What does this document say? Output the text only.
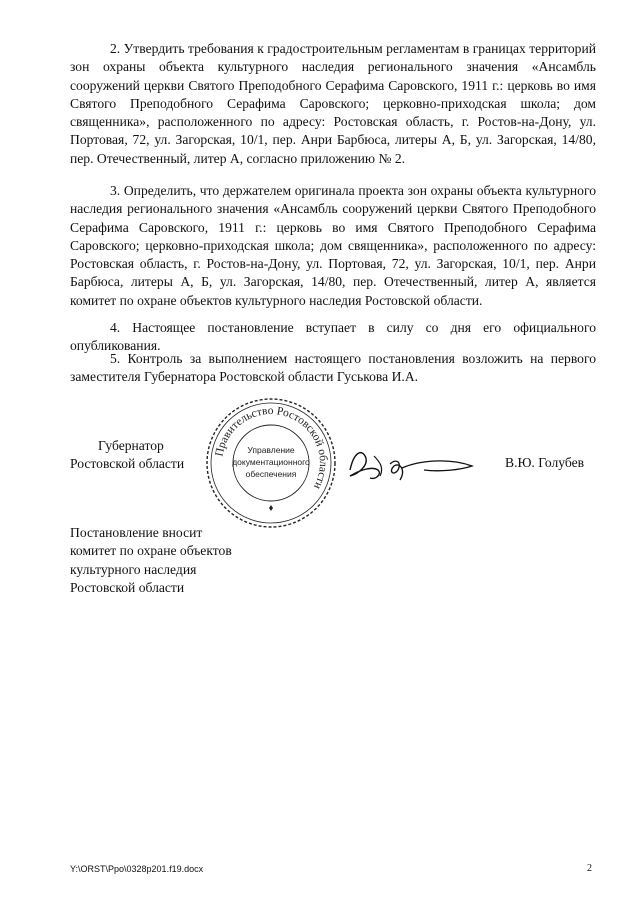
2. Утвердить требования к градостроительным регламентам в границах территорий зон охраны объекта культурного наследия регионального значения «Ансамбль сооружений церкви Святого Преподобного Серафима Саровского, 1911 г.: церковь во имя Святого Преподобного Серафима Саровского; церковно-приходская школа; дом священника», расположенного по адресу: Ростовская область, г. Ростов-на-Дону, ул. Портовая, 72, ул. Загорская, 10/1, пер. Анри Барбюса, литеры А, Б, ул. Загорская, 14/80, пер. Отечественный, литер А, согласно приложению № 2.

3. Определить, что держателем оригинала проекта зон охраны объекта культурного наследия регионального значения «Ансамбль сооружений церкви Святого Преподобного Серафима Саровского, 1911 г.: церковь во имя Святого Преподобного Серафима Саровского; церковно-приходская школа; дом священника», расположенного по адресу: Ростовская область, г. Ростов-на-Дону, ул. Портовая, 72, ул. Загорская, 10/1, пер. Анри Барбюса, литеры А, Б, ул. Загорская, 14/80, пер. Отечественный, литер А, является комитет по охране объектов культурного наследия Ростовской области.

4. Настоящее постановление вступает в силу со дня его официального опубликования.

5. Контроль за выполнением настоящего постановления возложить на первого заместителя Губернатора Ростовской области Гуськова И.А.

Губернатор
Ростовской области
Правительство Ростовской области
Управление
документационного
обеспечения
В.Ю. Голубев
Постановление вносит
комитет по охране объектов
культурного наследия
Ростовской области
Y:\ORST\Ppo\0328p201.f19.docx	2
